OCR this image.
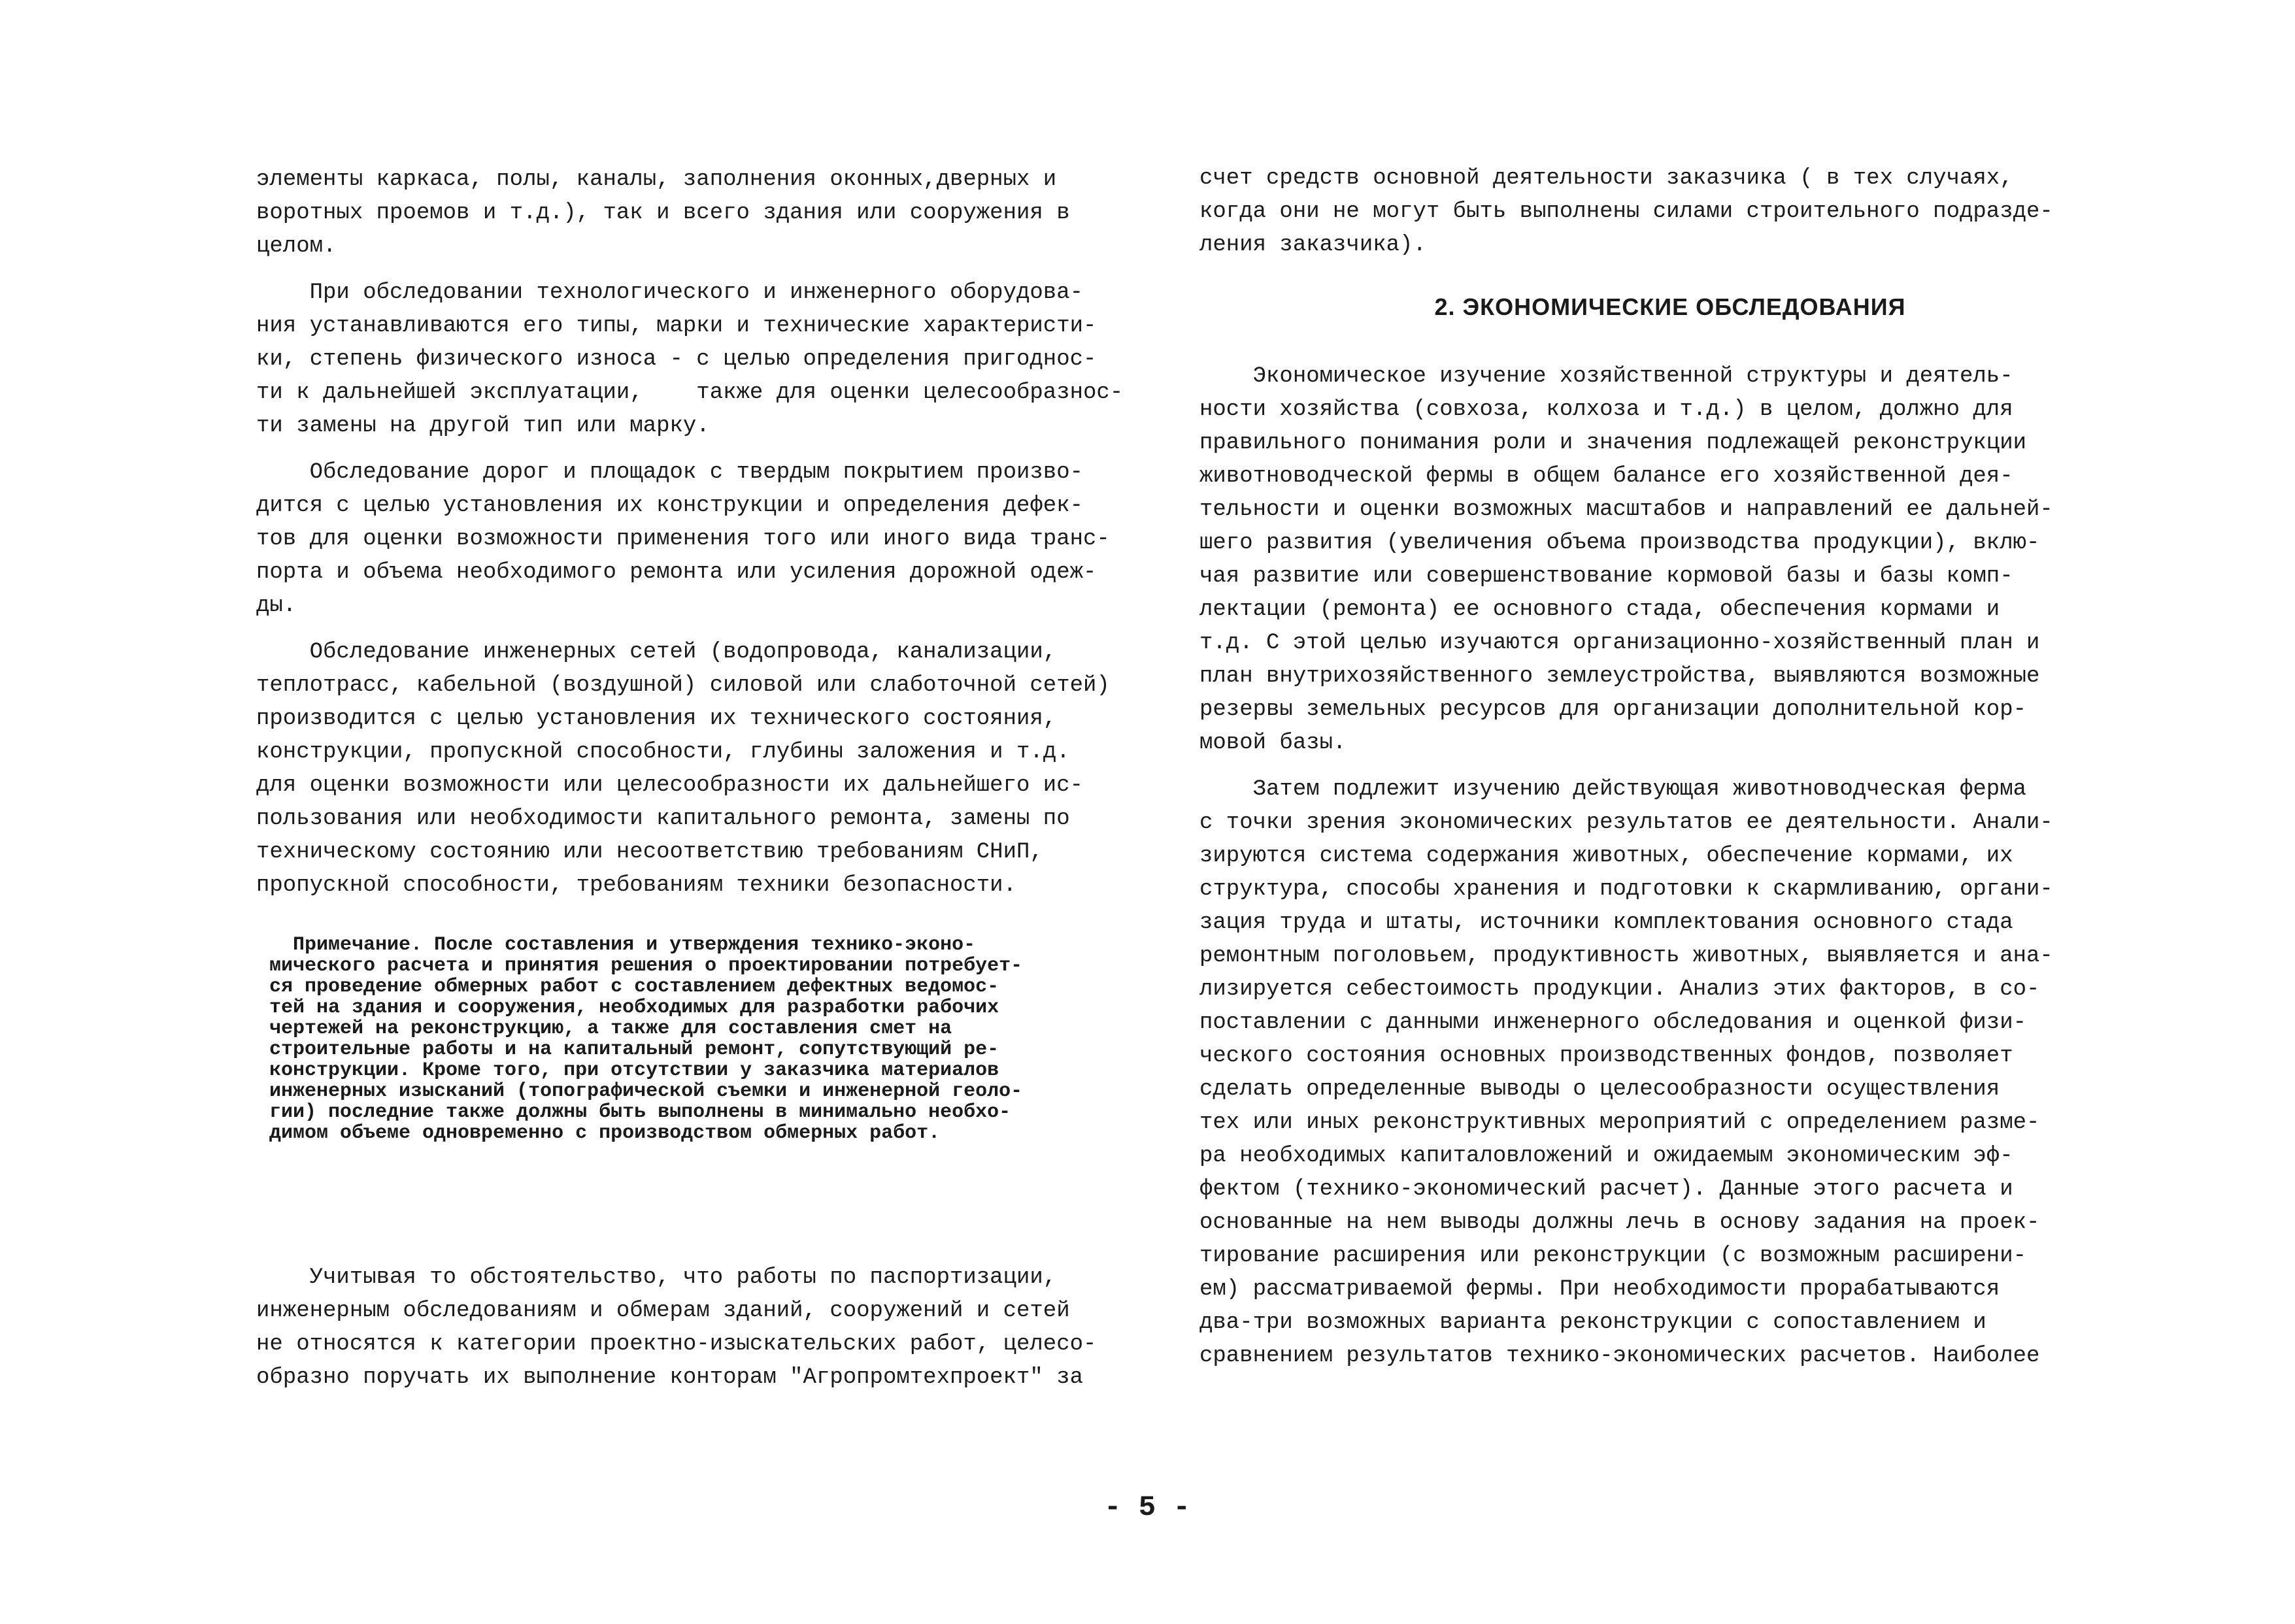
элементы каркаса, полы, каналы, заполнения оконных,дверных и
воротных проемов и т.д.), так и всего здания или сооружения в
целом.
При обследовании технологического и инженерного оборудова-
ния устанавливаются его типы, марки и технические характеристи-
ки, степень физического износа - с целью определения пригоднос-
ти к дальнейшей эксплуатации,    также для оценки целесообразнос-
ти замены на другой тип или марку.
Обследование дорог и площадок с твердым покрытием произво-
дится с целью установления их конструкции и определения дефек-
тов для оценки возможности применения того или иного вида транс-
порта и объема необходимого ремонта или усиления дорожной одеж-
ды.
Обследование инженерных сетей (водопровода, канализации,
теплотрасс, кабельной (воздушной) силовой или слаботочной сетей)
производится с целью установления их технического состояния,
конструкции, пропускной способности, глубины заложения и т.д.
для оценки возможности или целесообразности их дальнейшего ис-
пользования или необходимости капитального ремонта, замены по
техническому состоянию или несоответствию требованиям СНиП,
пропускной способности, требованиям техники безопасности.
Примечание. После составления и утверждения технико-эконо-
мического расчета и принятия решения о проектировании потребует-
ся проведение обмерных работ с составлением дефектных ведомос-
тей на здания и сооружения, необходимых для разработки рабочих
чертежей на реконструкцию, а также для составления смет на
строительные работы и на капитальный ремонт, сопутствующий ре-
конструкции. Кроме того, при отсутствии у заказчика материалов
инженерных изысканий (топографической съемки и инженерной геоло-
гии) последние также должны быть выполнены в минимально необхо-
димом объеме одновременно с производством обмерных работ.
Учитывая то обстоятельство, что работы по паспортизации,
инженерным обследованиям и обмерам зданий, сооружений и сетей
не относятся к категории проектно-изыскательских работ, целесо-
образно поручать их выполнение конторам "Агропромтехпроект" за
счет средств основной деятельности заказчика ( в тех случаях,
когда они не могут быть выполнены силами строительного подразде-
ления заказчика).
2. ЭКОНОМИЧЕСКИЕ ОБСЛЕДОВАНИЯ
Экономическое изучение хозяйственной структуры и деятель-
ности хозяйства (совхоза, колхоза и т.д.) в целом, должно для
правильного понимания роли и значения подлежащей реконструкции
животноводческой фермы в общем балансе его хозяйственной дея-
тельности и оценки возможных масштабов и направлений ее дальней-
шего развития (увеличения объема производства продукции), вклю-
чая развитие или совершенствование кормовой базы и базы комп-
лектации (ремонта) ее основного стада, обеспечения кормами и
т.д. С этой целью изучаются организационно-хозяйственный план и
план внутрихозяйственного землеустройства, выявляются возможные
резервы земельных ресурсов для организации дополнительной кор-
мовой базы.
Затем подлежит изучению действующая животноводческая ферма
с точки зрения экономических результатов ее деятельности. Анали-
зируются система содержания животных, обеспечение кормами, их
структура, способы хранения и подготовки к скармливанию, органи-
зация труда и штаты, источники комплектования основного стада
ремонтным поголовьем, продуктивность животных, выявляется и ана-
лизируется себестоимость продукции. Анализ этих факторов, в со-
поставлении с данными инженерного обследования и оценкой физи-
ческого состояния основных производственных фондов, позволяет
сделать определенные выводы о целесообразности осуществления
тех или иных реконструктивных мероприятий с определением разме-
ра необходимых капиталовложений и ожидаемым экономическим эф-
фектом (технико-экономический расчет). Данные этого расчета и
основанные на нем выводы должны лечь в основу задания на проек-
тирование расширения или реконструкции (с возможным расширени-
ем) рассматриваемой фермы. При необходимости прорабатываются
два-три возможных варианта реконструкции с сопоставлением и
сравнением результатов технико-экономических расчетов. Наиболее
- 5 -
